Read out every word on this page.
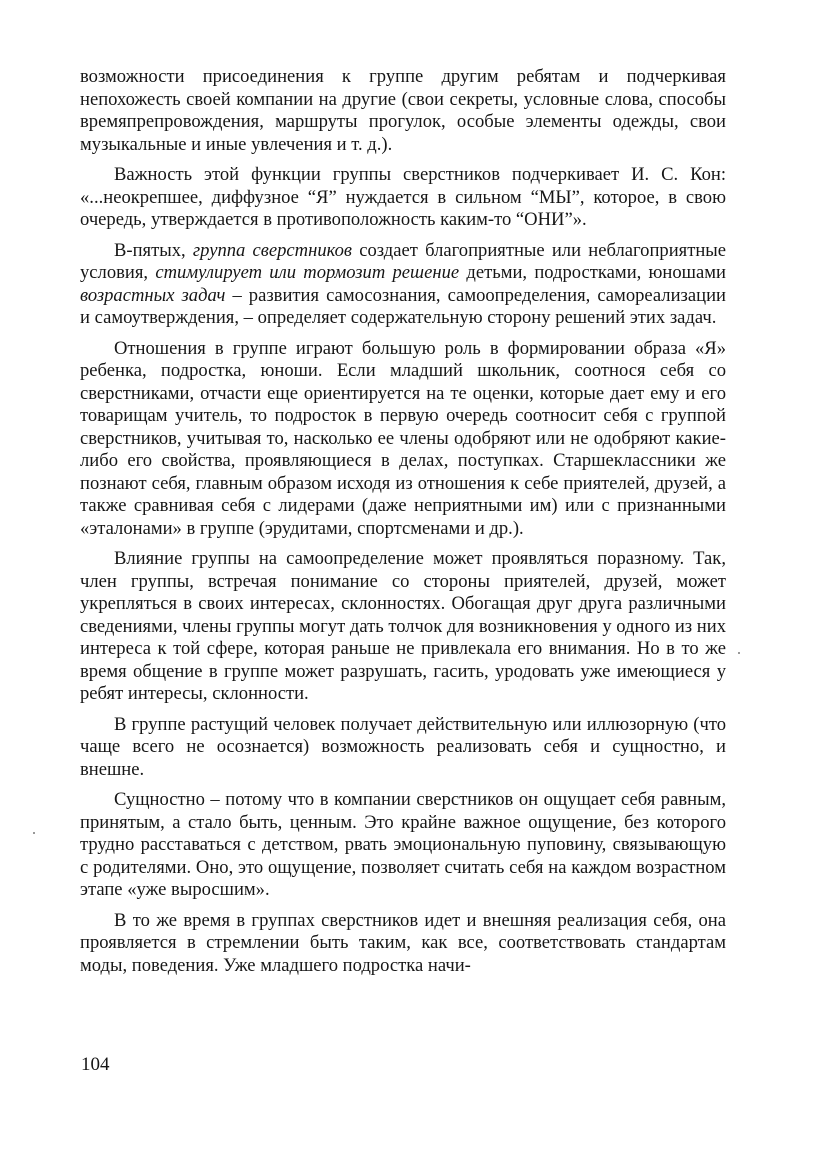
возможности присоединения к группе другим ребятам и подчеркивая непохожесть своей компании на другие (свои секреты, условные слова, способы времяпрепровождения, маршруты прогулок, особые элементы одежды, свои музыкальные и иные увлечения и т. д.).

Важность этой функции группы сверстников подчеркивает И. С. Кон: «...неокрепшее, диффузное “Я” нуждается в сильном “МЫ”, которое, в свою очередь, утверждается в противоположность каким-то “ОНИ”».

В-пятых, группа сверстников создает благоприятные или неблагоприятные условия, стимулирует или тормозит решение детьми, подростками, юношами возрастных задач – развития самосознания, самоопределения, самореализации и самоутверждения, – определяет содержательную сторону решений этих задач.

Отношения в группе играют большую роль в формировании образа «Я» ребенка, подростка, юноши. Если младший школьник, соотнося себя со сверстниками, отчасти еще ориентируется на те оценки, которые дает ему и его товарищам учитель, то подросток в первую очередь соотносит себя с группой сверстников, учитывая то, насколько ее члены одобряют или не одобряют какие-либо его свойства, проявляющиеся в делах, поступках. Старшеклассники же познают себя, главным образом исходя из отношения к себе приятелей, друзей, а также сравнивая себя с лидерами (даже неприятными им) или с признанными «эталонами» в группе (эрудитами, спортсменами и др.).

Влияние группы на самоопределение может проявляться поразному. Так, член группы, встречая понимание со стороны приятелей, друзей, может укрепляться в своих интересах, склонностях. Обогащая друг друга различными сведениями, члены группы могут дать толчок для возникновения у одного из них интереса к той сфере, которая раньше не привлекала его внимания. Но в то же время общение в группе может разрушать, гасить, уродовать уже имеющиеся у ребят интересы, склонности.

В группе растущий человек получает действительную или иллюзорную (что чаще всего не осознается) возможность реализовать себя и сущностно, и внешне.

Сущностно – потому что в компании сверстников он ощущает себя равным, принятым, а стало быть, ценным. Это крайне важное ощущение, без которого трудно расставаться с детством, рвать эмоциональную пуповину, связывающую с родителями. Оно, это ощущение, позволяет считать себя на каждом возрастном этапе «уже выросшим».

В то же время в группах сверстников идет и внешняя реализация себя, она проявляется в стремлении быть таким, как все, соответствовать стандартам моды, поведения. Уже младшего подростка начи-

104
